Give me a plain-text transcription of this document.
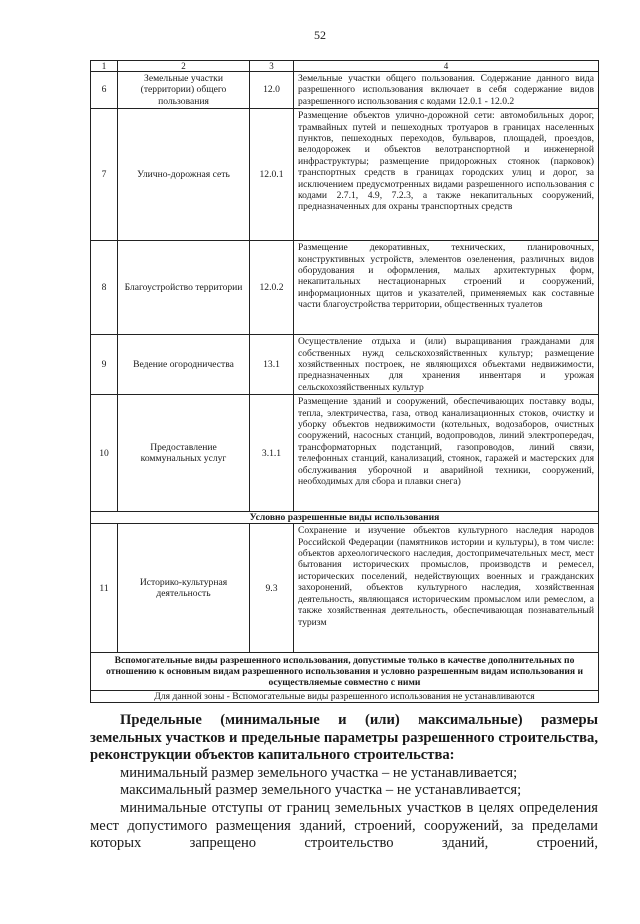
52
1	2	3	4
6	Земельные участки (территории) общего пользования	12.0	Земельные участки общего пользования. Содержание данного вида разрешенного использования включает в себя содержание видов разрешенного использования с кодами 12.0.1 - 12.0.2
7	Улично-дорожная сеть	12.0.1	Размещение объектов улично-дорожной сети: автомобильных дорог, трамвайных путей и пешеходных тротуаров в границах населенных пунктов, пешеходных переходов, бульваров, площадей, проездов, велодорожек и объектов велотранспортной и инженерной инфраструктуры; размещение придорожных стоянок (парковок) транспортных средств в границах городских улиц и дорог, за исключением предусмотренных видами разрешенного использования с кодами 2.7.1, 4.9, 7.2.3, а также некапитальных сооружений, предназначенных для охраны транспортных средств
8	Благоустройство территории	12.0.2	Размещение декоративных, технических, планировочных, конструктивных устройств, элементов озеленения, различных видов оборудования и оформления, малых архитектурных форм, некапитальных нестационарных строений и сооружений, информационных щитов и указателей, применяемых как составные части благоустройства территории, общественных туалетов
9	Ведение огородничества	13.1	Осуществление отдыха и (или) выращивания гражданами для собственных нужд сельскохозяйственных культур; размещение хозяйственных построек, не являющихся объектами недвижимости, предназначенных для хранения инвентаря и урожая сельскохозяйственных культур
10	Предоставление коммунальных услуг	3.1.1	Размещение зданий и сооружений, обеспечивающих поставку воды, тепла, электричества, газа, отвод канализационных стоков, очистку и уборку объектов недвижимости (котельных, водозаборов, очистных сооружений, насосных станций, водопроводов, линий электропередач, трансформаторных подстанций, газопроводов, линий связи, телефонных станций, канализаций, стоянок, гаражей и мастерских для обслуживания уборочной и аварийной техники, сооружений, необходимых для сбора и плавки снега)
Условно разрешенные виды использования			
11	Историко-культурная деятельность	9.3	Сохранение и изучение объектов культурного наследия народов Российской Федерации (памятников истории и культуры), в том числе: объектов археологического наследия, достопримечательных мест, мест бытования исторических промыслов, производств и ремесел, исторических поселений, недействующих военных и гражданских захоронений, объектов культурного наследия, хозяйственная деятельность, являющаяся историческим промыслом или ремеслом, а также хозяйственная деятельность, обеспечивающая познавательный туризм
Вспомогательные виды разрешенного использования, допустимые только в качестве дополнительных по отношению к основным видам разрешенного использования и условно разрешенным видам использования и осуществляемые совместно с ними			
Для данной зоны - Вспомогательные виды разрешенного использования не устанавливаются			

Предельные (минимальные и (или) максимальные) размеры земельных участков и предельные параметры разрешенного строительства, реконструкции объектов капитального строительства:

минимальный размер земельного участка – не устанавливается;

максимальный размер земельного участка – не устанавливается;

минимальные отступы от границ земельных участков в целях определения мест допустимого размещения зданий, строений, сооружений, за пределами которых запрещено строительство зданий, строений,
